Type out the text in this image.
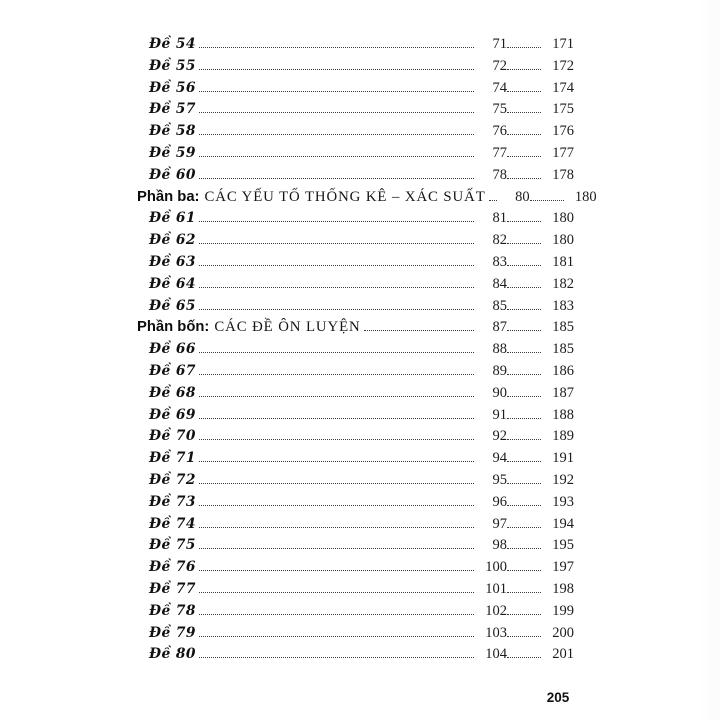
Đề 54	71	171
Đề 55	72	172
Đề 56	74	174
Đề 57	75	175
Đề 58	76	176
Đề 59	77	177
Đề 60	78	178
Phần ba: CÁC YẾU TỐ THỐNG KÊ – XÁC SUẤT	80	180
Đề 61	81	180
Đề 62	82	180
Đề 63	83	181
Đề 64	84	182
Đề 65	85	183
Phần bốn: CÁC ĐỀ ÔN LUYỆN	87	185
Đề 66	88	185
Đề 67	89	186
Đề 68	90	187
Đề 69	91	188
Đề 70	92	189
Đề 71	94	191
Đề 72	95	192
Đề 73	96	193
Đề 74	97	194
Đề 75	98	195
Đề 76	100	197
Đề 77	101	198
Đề 78	102	199
Đề 79	103	200
Đề 80	104	201
205
